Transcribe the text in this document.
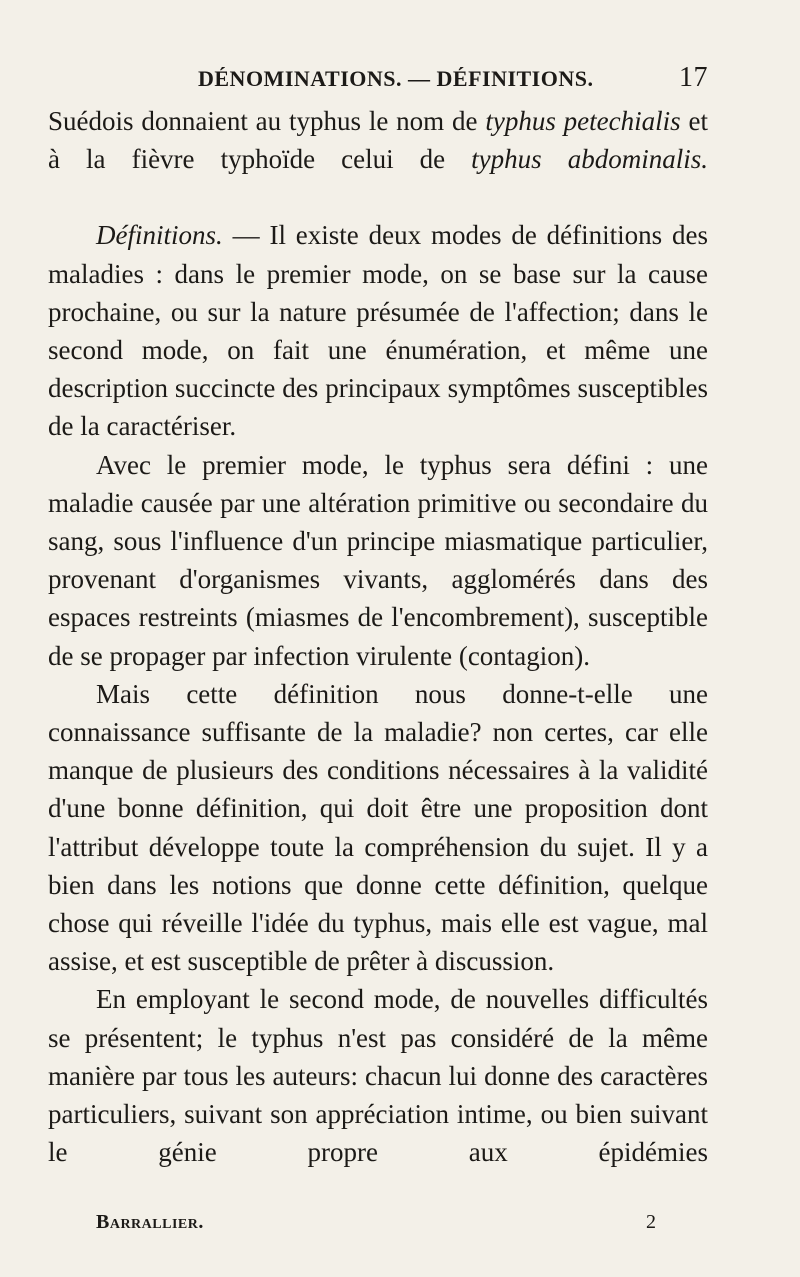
DÉNOMINATIONS. — DÉFINITIONS.	17

Suédois donnaient au typhus le nom de typhus petechialis et à la fièvre typhoïde celui de typhus abdominalis.

Définitions. — Il existe deux modes de définitions des maladies : dans le premier mode, on se base sur la cause prochaine, ou sur la nature présumée de l'affection; dans le second mode, on fait une énumération, et même une description succincte des principaux symptômes susceptibles de la caractériser.

Avec le premier mode, le typhus sera défini : une maladie causée par une altération primitive ou secondaire du sang, sous l'influence d'un principe miasmatique particulier, provenant d'organismes vivants, agglomérés dans des espaces restreints (miasmes de l'encombrement), susceptible de se propager par infection virulente (contagion).

Mais cette définition nous donne-t-elle une connaissance suffisante de la maladie? non certes, car elle manque de plusieurs des conditions nécessaires à la validité d'une bonne définition, qui doit être une proposition dont l'attribut développe toute la compréhension du sujet. Il y a bien dans les notions que donne cette définition, quelque chose qui réveille l'idée du typhus, mais elle est vague, mal assise, et est susceptible de prêter à discussion.

En employant le second mode, de nouvelles difficultés se présentent; le typhus n'est pas considéré de la même manière par tous les auteurs: chacun lui donne des caractères particuliers, suivant son appréciation intime, ou bien suivant le génie propre aux épidémies

Barrallier.	2
